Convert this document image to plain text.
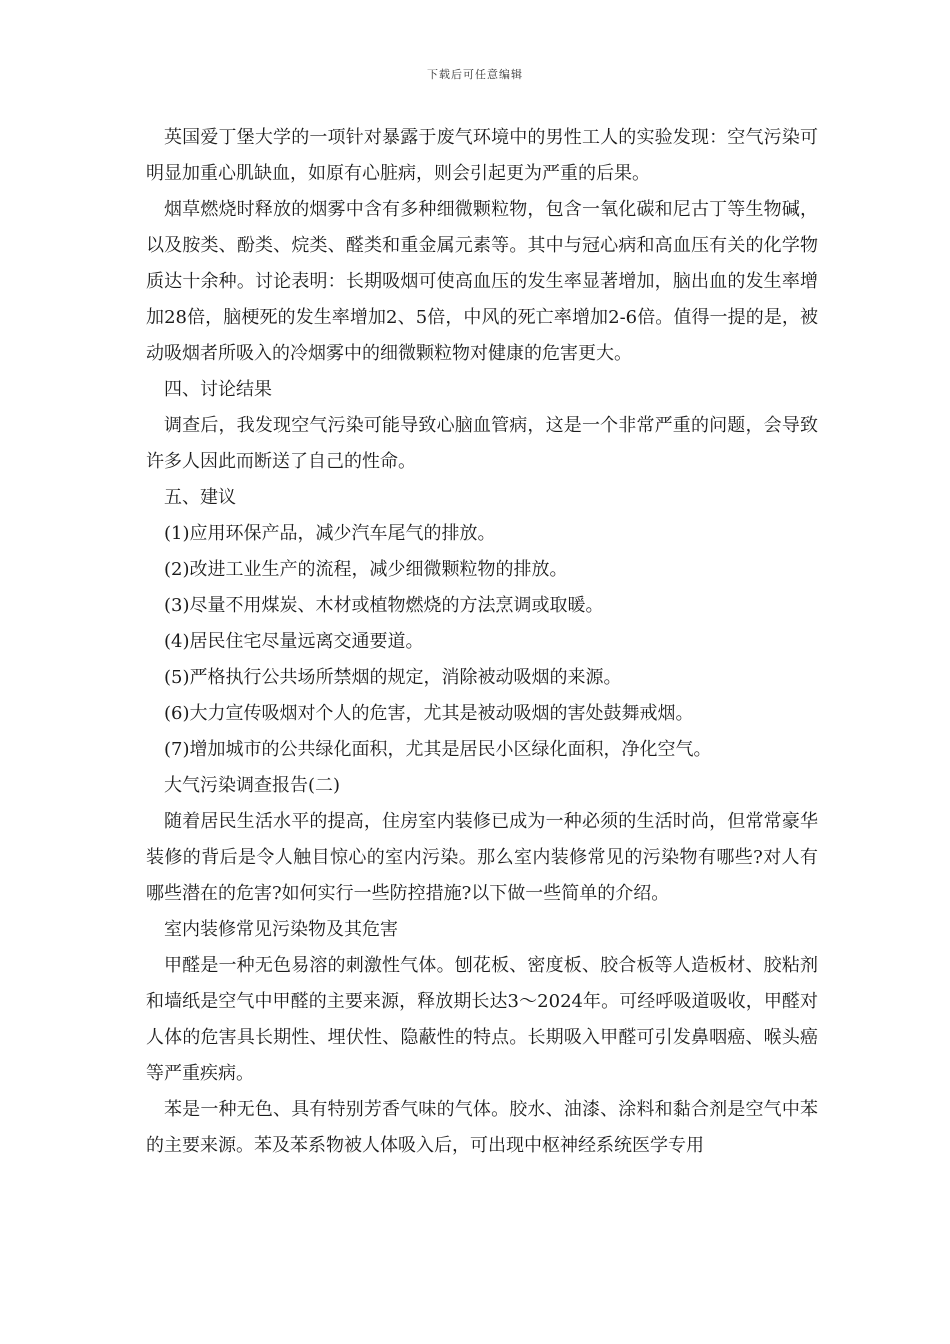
下载后可任意编辑

英国爱丁堡大学的一项针对暴露于废气环境中的男性工人的实验发现：空气污染可明显加重心肌缺血，如原有心脏病，则会引起更为严重的后果。

烟草燃烧时释放的烟雾中含有多种细微颗粒物，包含一氧化碳和尼古丁等生物碱，以及胺类、酚类、烷类、醛类和重金属元素等。其中与冠心病和高血压有关的化学物质达十余种。讨论表明：长期吸烟可使高血压的发生率显著增加，脑出血的发生率增加28倍，脑梗死的发生率增加2、5倍，中风的死亡率增加2-6倍。值得一提的是，被动吸烟者所吸入的冷烟雾中的细微颗粒物对健康的危害更大。

四、讨论结果

调查后，我发现空气污染可能导致心脑血管病，这是一个非常严重的问题，会导致许多人因此而断送了自己的性命。

五、建议

(1)应用环保产品，减少汽车尾气的排放。

(2)改进工业生产的流程，减少细微颗粒物的排放。

(3)尽量不用煤炭、木材或植物燃烧的方法烹调或取暖。

(4)居民住宅尽量远离交通要道。

(5)严格执行公共场所禁烟的规定，消除被动吸烟的来源。

(6)大力宣传吸烟对个人的危害，尤其是被动吸烟的害处鼓舞戒烟。

(7)增加城市的公共绿化面积，尤其是居民小区绿化面积，净化空气。

大气污染调查报告(二)

随着居民生活水平的提高，住房室内装修已成为一种必须的生活时尚，但常常豪华装修的背后是令人触目惊心的室内污染。那么室内装修常见的污染物有哪些?对人有哪些潜在的危害?如何实行一些防控措施?以下做一些简单的介绍。

室内装修常见污染物及其危害

甲醛是一种无色易溶的刺激性气体。刨花板、密度板、胶合板等人造板材、胶粘剂和墙纸是空气中甲醛的主要来源，释放期长达3～2024年。可经呼吸道吸收，甲醛对人体的危害具长期性、埋伏性、隐蔽性的特点。长期吸入甲醛可引发鼻咽癌、喉头癌等严重疾病。

苯是一种无色、具有特别芳香气味的气体。胶水、油漆、涂料和黏合剂是空气中苯的主要来源。苯及苯系物被人体吸入后，可出现中枢神经系统医学专用
